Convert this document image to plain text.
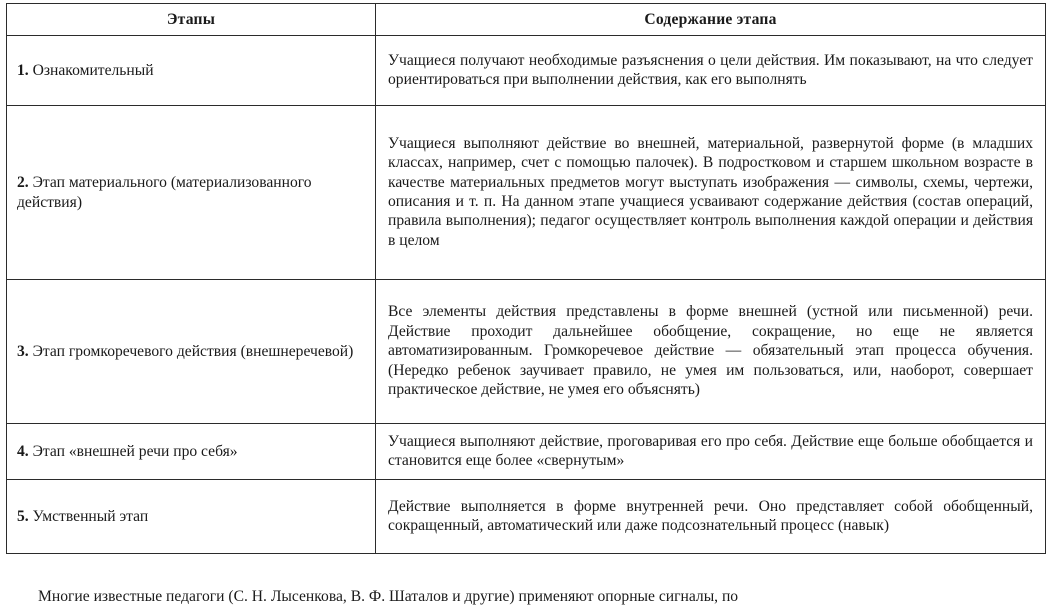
Этапы	Содержание этапа
1. Ознакомительный	Учащиеся получают необходимые разъяснения о цели действия. Им показывают, на что следует ориентироваться при выполнении действия, как его выполнять
2. Этап материального (материализованного действия)	Учащиеся выполняют действие во внешней, материальной, развернутой форме (в младших классах, например, счет с помощью палочек). В подростковом и старшем школьном возрасте в качестве материальных предметов могут выступать изображения — символы, схемы, чертежи, описания и т. п. На данном этапе учащиеся усваивают содержание действия (состав операций, правила выполнения); педагог осуществляет контроль выполнения каждой операции и действия в целом
3. Этап громкоречевого действия (внешнеречевой)	Все элементы действия представлены в форме внешней (устной или письменной) речи. Действие проходит дальнейшее обобщение, сокращение, но еще не является автоматизированным. Громкоречевое действие — обязательный этап процесса обучения. (Нередко ребенок заучивает правило, не умея им пользоваться, или, наоборот, совершает практическое действие, не умея его объяснять)
4. Этап «внешней речи про себя»	Учащиеся выполняют действие, проговаривая его про себя. Действие еще больше обобщается и становится еще более «свернутым»
5. Умственный этап	Действие выполняется в форме внутренней речи. Оно представляет собой обобщенный, сокращенный, автоматический или даже подсознательный процесс (навык)
Многие известные педагоги (С. Н. Лысенкова, В. Ф. Шаталов и другие) применяют опорные сигналы, по
